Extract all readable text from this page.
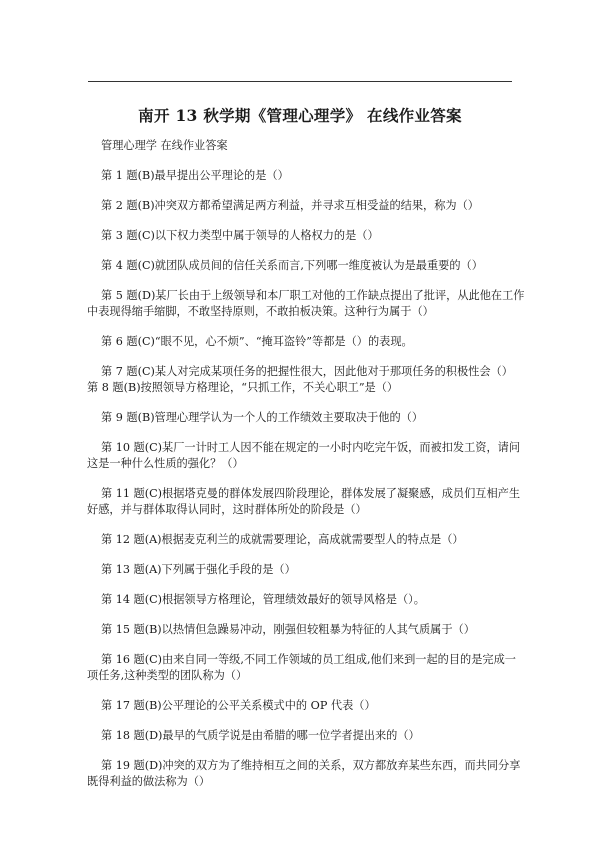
南开 13 秋学期《管理心理学》 在线作业答案
管理心理学 在线作业答案
第 1 题(B)最早提出公平理论的是（）
第 2 题(B)冲突双方都希望满足两方利益，并寻求互相受益的结果，称为（）
第 3 题(C)以下权力类型中属于领导的人格权力的是（）
第 4 题(C)就团队成员间的信任关系而言,下列哪一维度被认为是最重要的（）
第 5 题(D)某厂长由于上级领导和本厂职工对他的工作缺点提出了批评，从此他在工作中表现得缩手缩脚，不敢坚持原则，不敢拍板决策。这种行为属于（）
第 6 题(C)“眼不见，心不烦”、“掩耳盗铃”等都是（）的表现。
第 7 题(C)某人对完成某项任务的把握性很大，因此他对于那项任务的积极性会（）　第 8 题(B)按照领导方格理论，“只抓工作，不关心职工”是（）
第 9 题(B)管理心理学认为一个人的工作绩效主要取决于他的（）
第 10 题(C)某厂一计时工人因不能在规定的一小时内吃完午饭，而被扣发工资，请问这是一种什么性质的强化？（）
第 11 题(C)根据塔克曼的群体发展四阶段理论，群体发展了凝聚感，成员们互相产生好感，并与群体取得认同时，这时群体所处的阶段是（）
第 12 题(A)根据麦克利兰的成就需要理论，高成就需要型人的特点是（）
第 13 题(A)下列属于强化手段的是（）
第 14 题(C)根据领导方格理论，管理绩效最好的领导风格是（）。
第 15 题(B)以热情但急躁易冲动，刚强但较粗暴为特征的人其气质属于（）
第 16 题(C)由来自同一等级,不同工作领域的员工组成,他们来到一起的目的是完成一项任务,这种类型的团队称为（）
第 17 题(B)公平理论的公平关系模式中的 OP 代表（）
第 18 题(D)最早的气质学说是由希腊的哪一位学者提出来的（）
第 19 题(D)冲突的双方为了维持相互之间的关系，双方都放弃某些东西，而共同分享既得利益的做法称为（）
